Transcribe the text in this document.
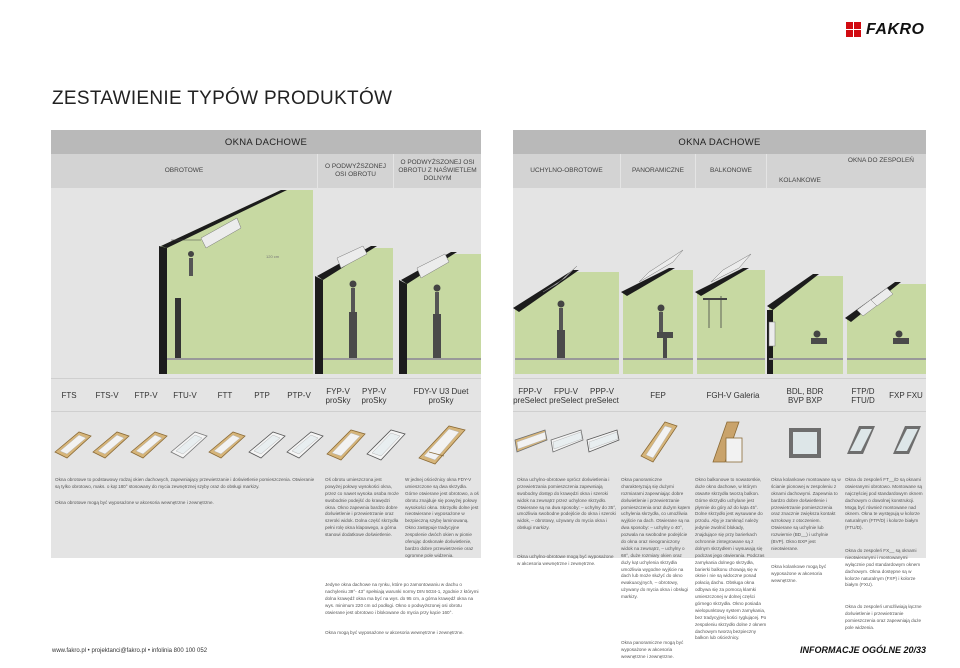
FAKRO
ZESTAWIENIE TYPÓW PRODUKTÓW
OKNA DACHOWE
OBROTOWE
O PODWYŻSZONEJ OSI OBROTU
O PODWYŻSZONEJ OSI OBROTU Z NAŚWIETLEM DOLNYM
120 cm
FTS	FTS-V	FTP-V	FTU-V	FTT	PTP	PTP-V
FYP-V proSky
PYP-V proSky
FDY-V U3 Duet proSky
Okna obrotowe to podstawowy rodzaj okien dachowych, zapewniający przewietrzanie i doświetlenie pomieszczenia. Otwieranie są tylko obrotowo, maks. o kąt 180° stosowany do mycia zewnętrznej szyby oraz do obsługi markizy.
Okna obrotowe mogą być wyposażone w akcesoria wewnętrzne i zewnętrzne.
Oś obrotu umieszczona jest powyżej połowy wysokości okna, przez co nawet wysoka osoba może swobodnie podejść do krawędzi okna. Okno zapewnia bardzo dobre doświetlenie i przewietrzanie oraz szeroki widok. Dolna część skrzydła pełni rolę okna klapowego, a górna stanowi dodatkowe doświetlenie.
W jednej ościeżnicy okna FDY-V umieszczone są dwa skrzydła. Górne otwierane jest obrotowo, a oś obrotu znajduje się powyżej połowy wysokości okna. Skrzydło dolne jest nieotwierane i wyposażone w bezpieczną szybę laminowaną. Okno zastępuje tradycyjne zespolenie dwóch okien w pionie oferując doskonałe doświetlenie, bardzo dobre przewietrzenie oraz ogromne pole widzenia.
Jedyne okna dachowe na rynku, które po zamontowaniu w dachu o nachyleniu 39°- 43° spełniają warunki normy DIN 5034-1, zgodnie z którymi dolna krawędź okna ma być na wys. do 95 cm, a górna krawędź okna na wys. minimum 220 cm od podłogi. Okno o podwyższonej osi obrotu otwierane jest obrotowo i blokowane do mycia przy kącie 160°.
Okna mogą być wyposażone w akcesoria wewnętrzne i zewnętrzne.
OKNA DACHOWE
UCHYLNO-OBROTOWE	PANORAMICZNE	BALKONOWE
OKNA DO ZESPOLEŃ
KOLANKOWE
FPP-V preSelect
FPU-V preSelect
PPP-V preSelect
FEP	FGH-V Galeria
BDL, BDR BVP BXP
FTP/D FTU/D
FXP FXU
Okna uchylno-obrotowe oprócz doświetlenia i przewietrzania pomieszczenia zapewniają swobodny dostęp do krawędzi okna i szeroki widok na zewnątrz przez uchylone skrzydło. Otwierane są na dwa sposoby: – uchylny do 35°, umożliwia swobodne podejście do okna i szeroki widok, – obrotowy, używany do mycia okna i obsługi markizy.
Okna uchylno-obrotowe mogą być wyposażone w akcesoria wewnętrzne i zewnętrzne.
Okna panoramiczne charakteryzują się dużymi rozmiarami zapewniając dobre doświetlenie i przewietrzanie pomieszczenia oraz dużym kątem uchylenia skrzydła, co umożliwia wyjście na dach. Otwierane są na dwa sposoby: – uchylny o 40°, pozwala na swobodne podejście do okna oraz nieograniczony widok na zewnątrz, – uchylny o 68°, duże rozmiary okien oraz duży kąt uchylenia skrzydła umożliwia wygodne wyjście na dach lub może służyć do okno ewakuacyjnych, – obrotowy, używany do mycia okna i obsługi markizy.
Okna panoramiczne mogą być wyposażone w akcesoria wewnętrzne i zewnętrzne.
Okno balkonowe to nowatorskie, duże okno dachowe, w którym otwarte skrzydła tworzą balkon. Górne skrzydło uchylane jest płynnie do góry aż do kąta 45°. Dolne skrzydło jest wysuwane do przodu. Aby je zamknąć należy jedynie zwolnić blokady, znajdujące się przy barierkach ochronnie zintegrowane są z dolnym skrzydłem i wysuwają się podczas jego otwierania. Podczas zamykania dolnego skrzydła, barierki balkonu chowają się w oknie i nie są widoczne ponad połacią dachu. Obsługa okna odbywa się za pomocą klamki umieszczonej w dolnej części górnego skrzydła. Okno posiada wielopunktowy system zamykania, bez tradycyjnej kości ryglującej. Po zespoleniu skrzydło dolne z oknem dachowym tworzą bezpieczny balkon lub ościeżnicy.
Okna kolankowe montowane są w ścianie pionowej w zespoleniu z oknami dachowymi. Zapewnia to bardzo dobre doświetlenie i przewietrzanie pomieszczenia oraz znacznie zwiększa kontakt wzrokowy z otoczeniem. Otwierane są uchylnie lub rozwiernie (BD__) i uchylnie (BVP). Okno BXP jest nieotwierane.
Okna kolankowe mogą być wyposażone w akcesoria wewnętrzne.
Okna do zespoleń FT__/D są oknami otwieranymi obrotowo. Montowane są najczęściej pod standardowym oknem dachowym o dowolnej konstrukcji. Mogą być również montowane nad oknem. Okna te występują w kolorze naturalnym (FTP/D) i kolorze białym (FTU/D).
Okna do zespoleń FX__ są oknami nieotwieranymi i montowanymi wyłącznie pod standardowym oknem dachowym. Okna dostępne są w kolorze naturalnym (FXP) i kolorze białym (FXU).
Okna do zespoleń umożliwiają łączne doświetlenie i przewietrzanie pomieszczenia oraz zapewniają duże pole widzenia.
www.fakro.pl • projektanci@fakro.pl • infolinia 800 100 052	INFORMACJE OGÓLNE 20/33
